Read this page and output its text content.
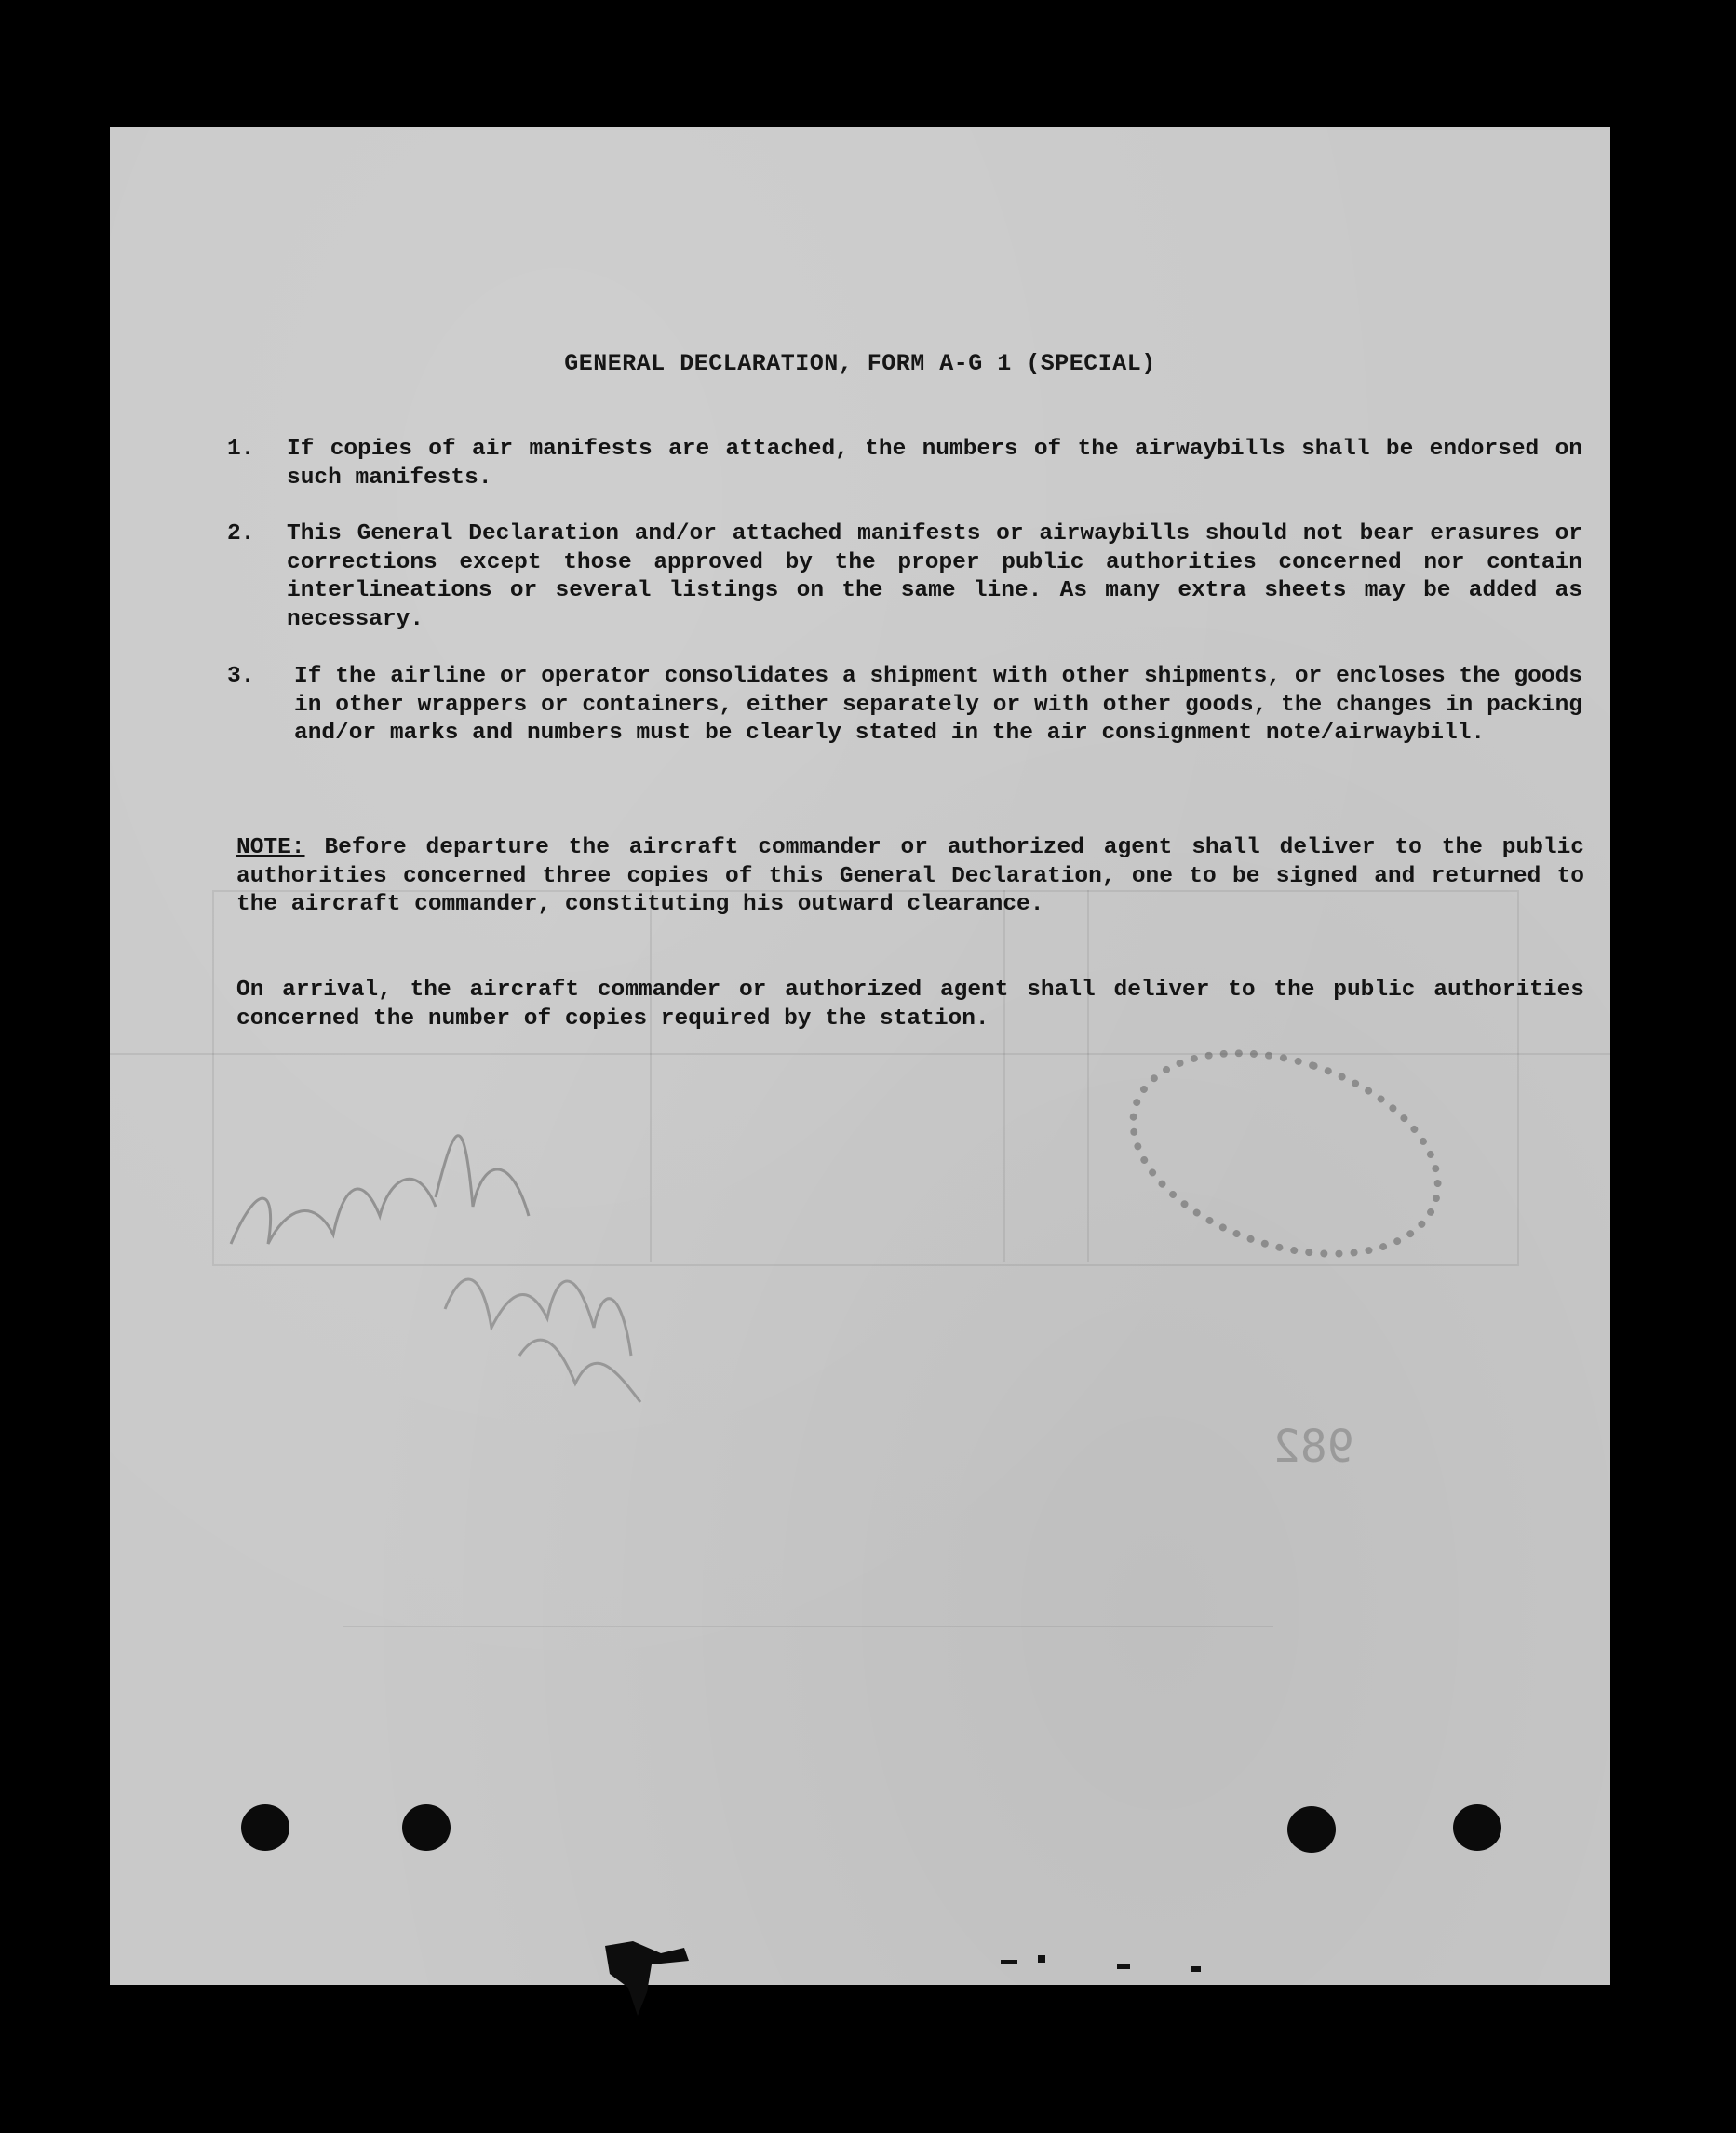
982
GENERAL DECLARATION, FORM A-G 1 (SPECIAL)
1.	If copies of air manifests are attached, the numbers of the airwaybills shall be endorsed on such manifests.
2.	This General Declaration and/or attached manifests or airwaybills should not bear erasures or corrections except those approved by the proper public authorities concerned nor contain interlineations or several listings on the same line. As many extra sheets may be added as necessary.
3.	If the airline or operator consolidates a shipment with other shipments, or encloses the goods in other wrappers or containers, either separately or with other goods, the changes in packing and/or marks and numbers must be clearly stated in the air consignment note/airwaybill.
NOTE: Before departure the aircraft commander or authorized agent shall deliver to the public authorities concerned three copies of this General Declaration, one to be signed and returned to the aircraft commander, constituting his outward clearance.
On arrival, the aircraft commander or authorized agent shall deliver to the public authorities concerned the number of copies required by the station.
